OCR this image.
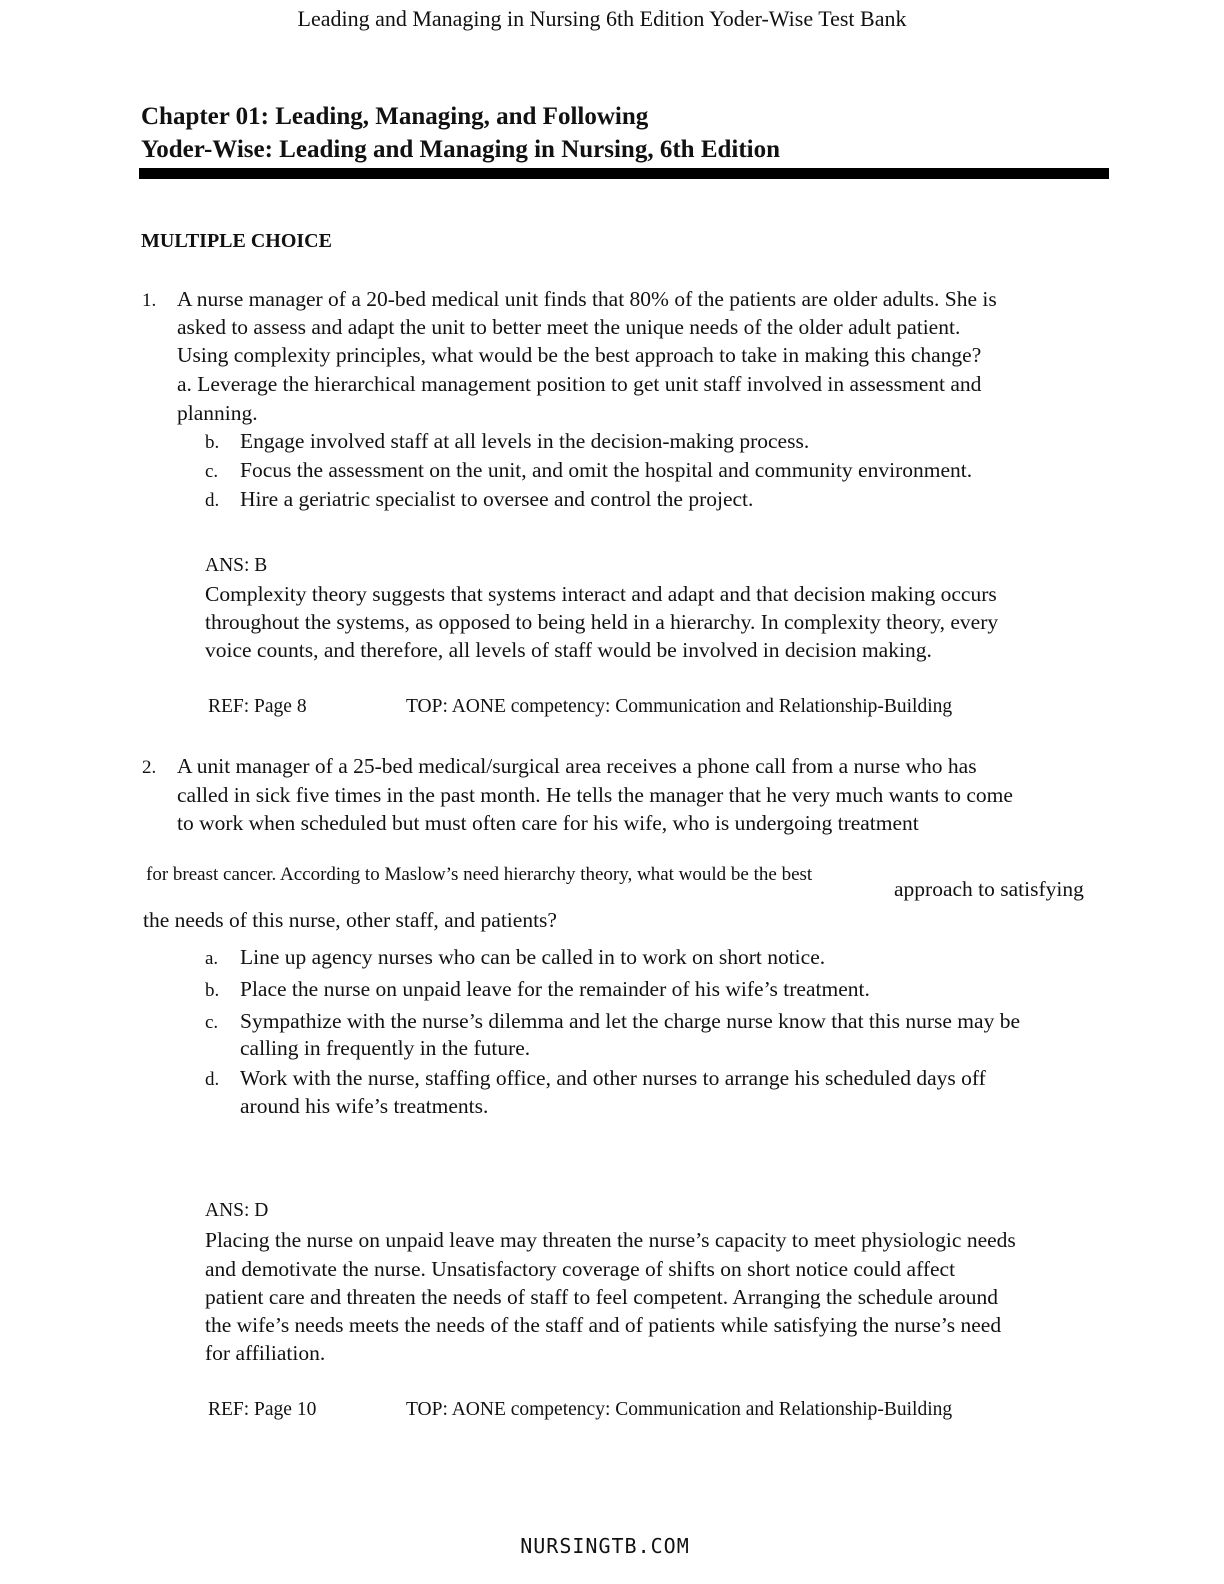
Leading and Managing in Nursing 6th Edition Yoder-Wise Test Bank
Chapter 01: Leading, Managing, and Following
Yoder-Wise: Leading and Managing in Nursing, 6th Edition
MULTIPLE CHOICE
1. A nurse manager of a 20-bed medical unit finds that 80% of the patients are older adults. She is
asked to assess and adapt the unit to better meet the unique needs of the older adult patient.
Using complexity principles, what would be the best approach to take in making this change?
a. Leverage the hierarchical management position to get unit staff involved in assessment and
planning.
b. Engage involved staff at all levels in the decision-making process.
c. Focus the assessment on the unit, and omit the hospital and community environment.
d. Hire a geriatric specialist to oversee and control the project.
ANS: B
Complexity theory suggests that systems interact and adapt and that decision making occurs
throughout the systems, as opposed to being held in a hierarchy. In complexity theory, every
voice counts, and therefore, all levels of staff would be involved in decision making.
REF: Page 8	TOP: AONE competency: Communication and Relationship-Building
2. A unit manager of a 25-bed medical/surgical area receives a phone call from a nurse who has
called in sick five times in the past month. He tells the manager that he very much wants to come
to work when scheduled but must often care for his wife, who is undergoing treatment
for breast cancer. According to Maslow’s need hierarchy theory, what would be the best
approach to satisfying
the needs of this nurse, other staff, and patients?
a. Line up agency nurses who can be called in to work on short notice.
b. Place the nurse on unpaid leave for the remainder of his wife’s treatment.
c. Sympathize with the nurse’s dilemma and let the charge nurse know that this nurse may be
calling in frequently in the future.
d. Work with the nurse, staffing office, and other nurses to arrange his scheduled days off
around his wife’s treatments.
ANS: D
Placing the nurse on unpaid leave may threaten the nurse’s capacity to meet physiologic needs
and demotivate the nurse. Unsatisfactory coverage of shifts on short notice could affect
patient care and threaten the needs of staff to feel competent. Arranging the schedule around
the wife’s needs meets the needs of the staff and of patients while satisfying the nurse’s need
for affiliation.
REF: Page 10	TOP: AONE competency: Communication and Relationship-Building
NURSINGTB.COM
